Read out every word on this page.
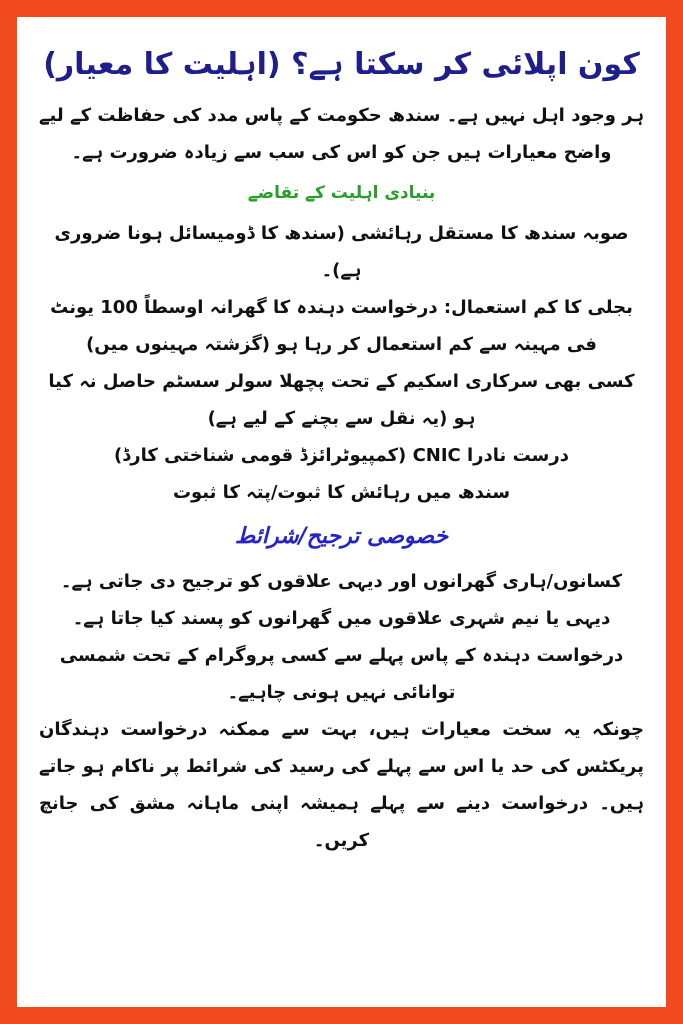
کون اپلائی کر سکتا ہے؟ (اہلیت کا معیار)

ہر وجود اہل نہیں ہے۔ سندھ حکومت کے پاس مدد کی حفاظت کے لیے واضح معیارات ہیں جن کو اس کی سب سے زیادہ ضرورت ہے۔

بنیادی اہلیت کے تقاضے

صوبہ سندھ کا مستقل رہائشی (سندھ کا ڈومیسائل ہونا ضروری ہے)۔

بجلی کا کم استعمال: درخواست دہندہ کا گھرانہ اوسطاً 100 یونٹ فی مہینہ سے کم استعمال کر رہا ہو (گزشتہ مہینوں میں)

کسی بھی سرکاری اسکیم کے تحت پچھلا سولر سسٹم حاصل نہ کیا ہو (یہ نقل سے بچنے کے لیے ہے)

درست نادرا CNIC (کمپیوٹرائزڈ قومی شناختی کارڈ)

سندھ میں رہائش کا ثبوت/پتہ کا ثبوت

خصوصی ترجیح/شرائط

کسانوں/ہاری گھرانوں اور دیہی علاقوں کو ترجیح دی جاتی ہے۔

دیہی یا نیم شہری علاقوں میں گھرانوں کو پسند کیا جاتا ہے۔

درخواست دہندہ کے پاس پہلے سے کسی پروگرام کے تحت شمسی توانائی نہیں ہونی چاہیے۔

چونکہ یہ سخت معیارات ہیں، بہت سے ممکنہ درخواست دہندگان پریکٹس کی حد یا اس سے پہلے کی رسید کی شرائط پر ناکام ہو جاتے ہیں۔ درخواست دینے سے پہلے ہمیشہ اپنی ماہانہ مشق کی جانچ کریں۔
